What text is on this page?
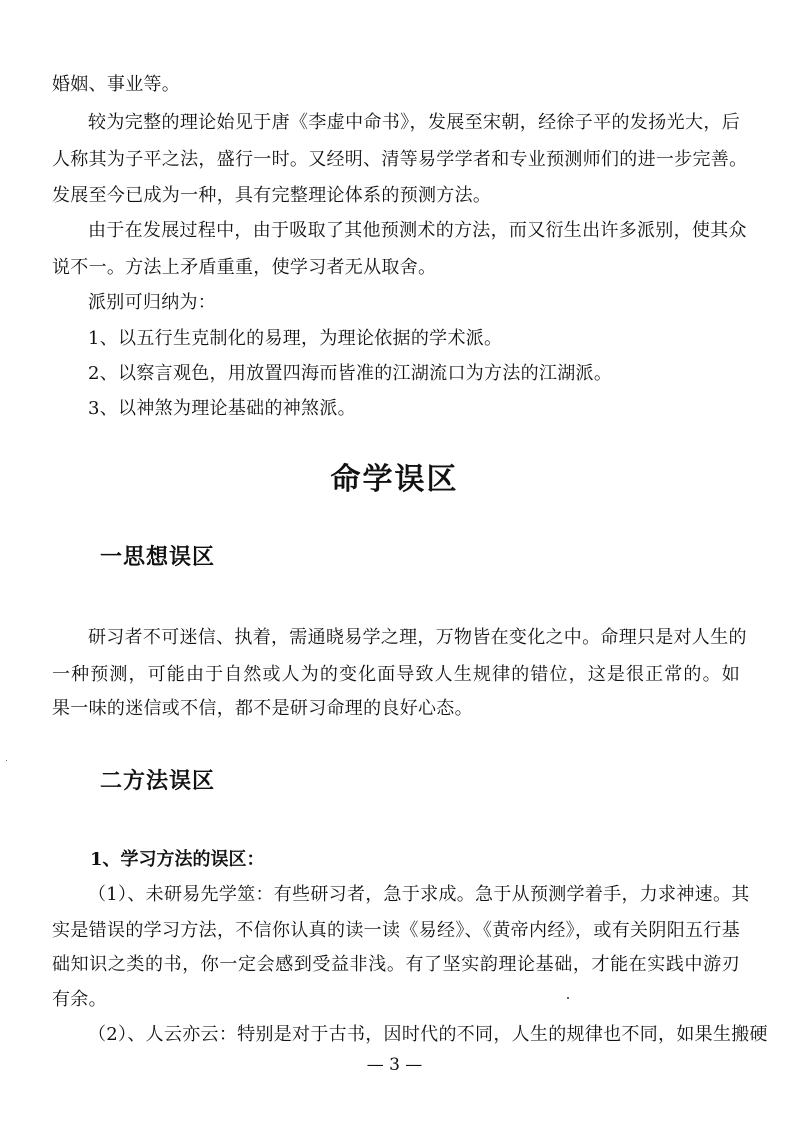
婚姻、事业等。
较为完整的理论始见于唐《李虚中命书》，发展至宋朝，经徐子平的发扬光大，后
人称其为子平之法，盛行一时。又经明、清等易学学者和专业预测师们的进一步完善。
发展至今已成为一种，具有完整理论体系的预测方法。
由于在发展过程中，由于吸取了其他预测术的方法，而又衍生出许多派别，使其众
说不一。方法上矛盾重重，使学习者无从取舍。
派别可归纳为：
1、以五行生克制化的易理，为理论依据的学术派。
2、以察言观色，用放置四海而皆准的江湖流口为方法的江湖派。
3、以神煞为理论基础的神煞派。
命学误区
一思想误区
研习者不可迷信、执着，需通晓易学之理，万物皆在变化之中。命理只是对人生的
一种预测，可能由于自然或人为的变化面导致人生规律的错位，这是很正常的。如
果一味的迷信或不信，都不是研习命理的良好心态。
二方法误区
1、学习方法的误区：
（1）、未研易先学筮：有些研习者，急于求成。急于从预测学着手，力求神速。其
实是错误的学习方法，不信你认真的读一读《易经》、《黄帝内经》，或有关阴阳五行基
础知识之类的书，你一定会感到受益非浅。有了坚实韵理论基础，才能在实践中游刃
有余。
（2）、人云亦云：特别是对于古书，因时代的不同，人生的规律也不同，如果生搬硬
— 3 —
